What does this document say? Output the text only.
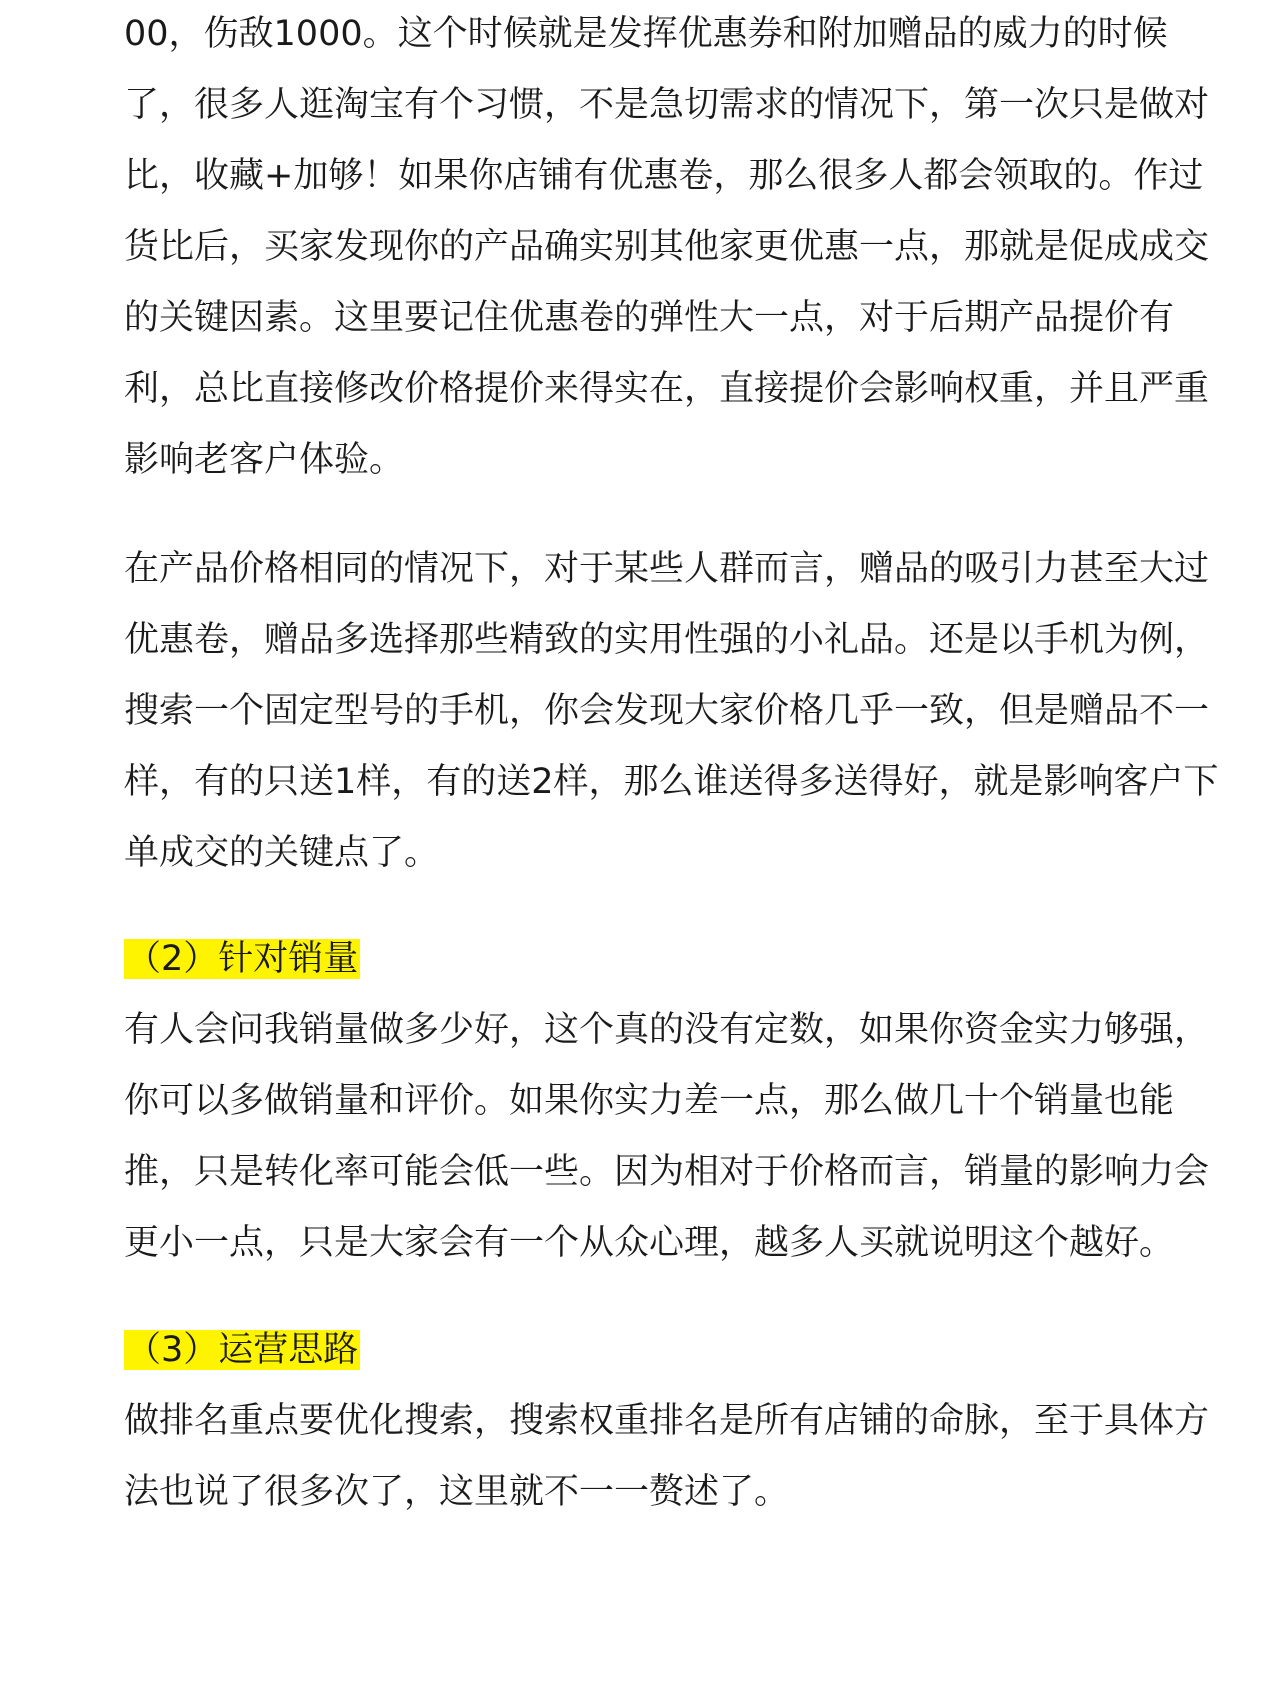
00，伤敌1000。这个时候就是发挥优惠券和附加赠品的威力的时候
了，很多人逛淘宝有个习惯，不是急切需求的情况下，第一次只是做对
比，收藏+加够！如果你店铺有优惠卷，那么很多人都会领取的。作过
货比后，买家发现你的产品确实别其他家更优惠一点，那就是促成成交
的关键因素。这里要记住优惠卷的弹性大一点，对于后期产品提价有
利，总比直接修改价格提价来得实在，直接提价会影响权重，并且严重
影响老客户体验。
在产品价格相同的情况下，对于某些人群而言，赠品的吸引力甚至大过
优惠卷，赠品多选择那些精致的实用性强的小礼品。还是以手机为例，
搜索一个固定型号的手机，你会发现大家价格几乎一致，但是赠品不一
样，有的只送1样，有的送2样，那么谁送得多送得好，就是影响客户下
单成交的关键点了。
（2）针对销量
有人会问我销量做多少好，这个真的没有定数，如果你资金实力够强，
你可以多做销量和评价。如果你实力差一点，那么做几十个销量也能
推，只是转化率可能会低一些。因为相对于价格而言，销量的影响力会
更小一点，只是大家会有一个从众心理，越多人买就说明这个越好。
（3）运营思路
做排名重点要优化搜索，搜索权重排名是所有店铺的命脉，至于具体方
法也说了很多次了，这里就不一一赘述了。
